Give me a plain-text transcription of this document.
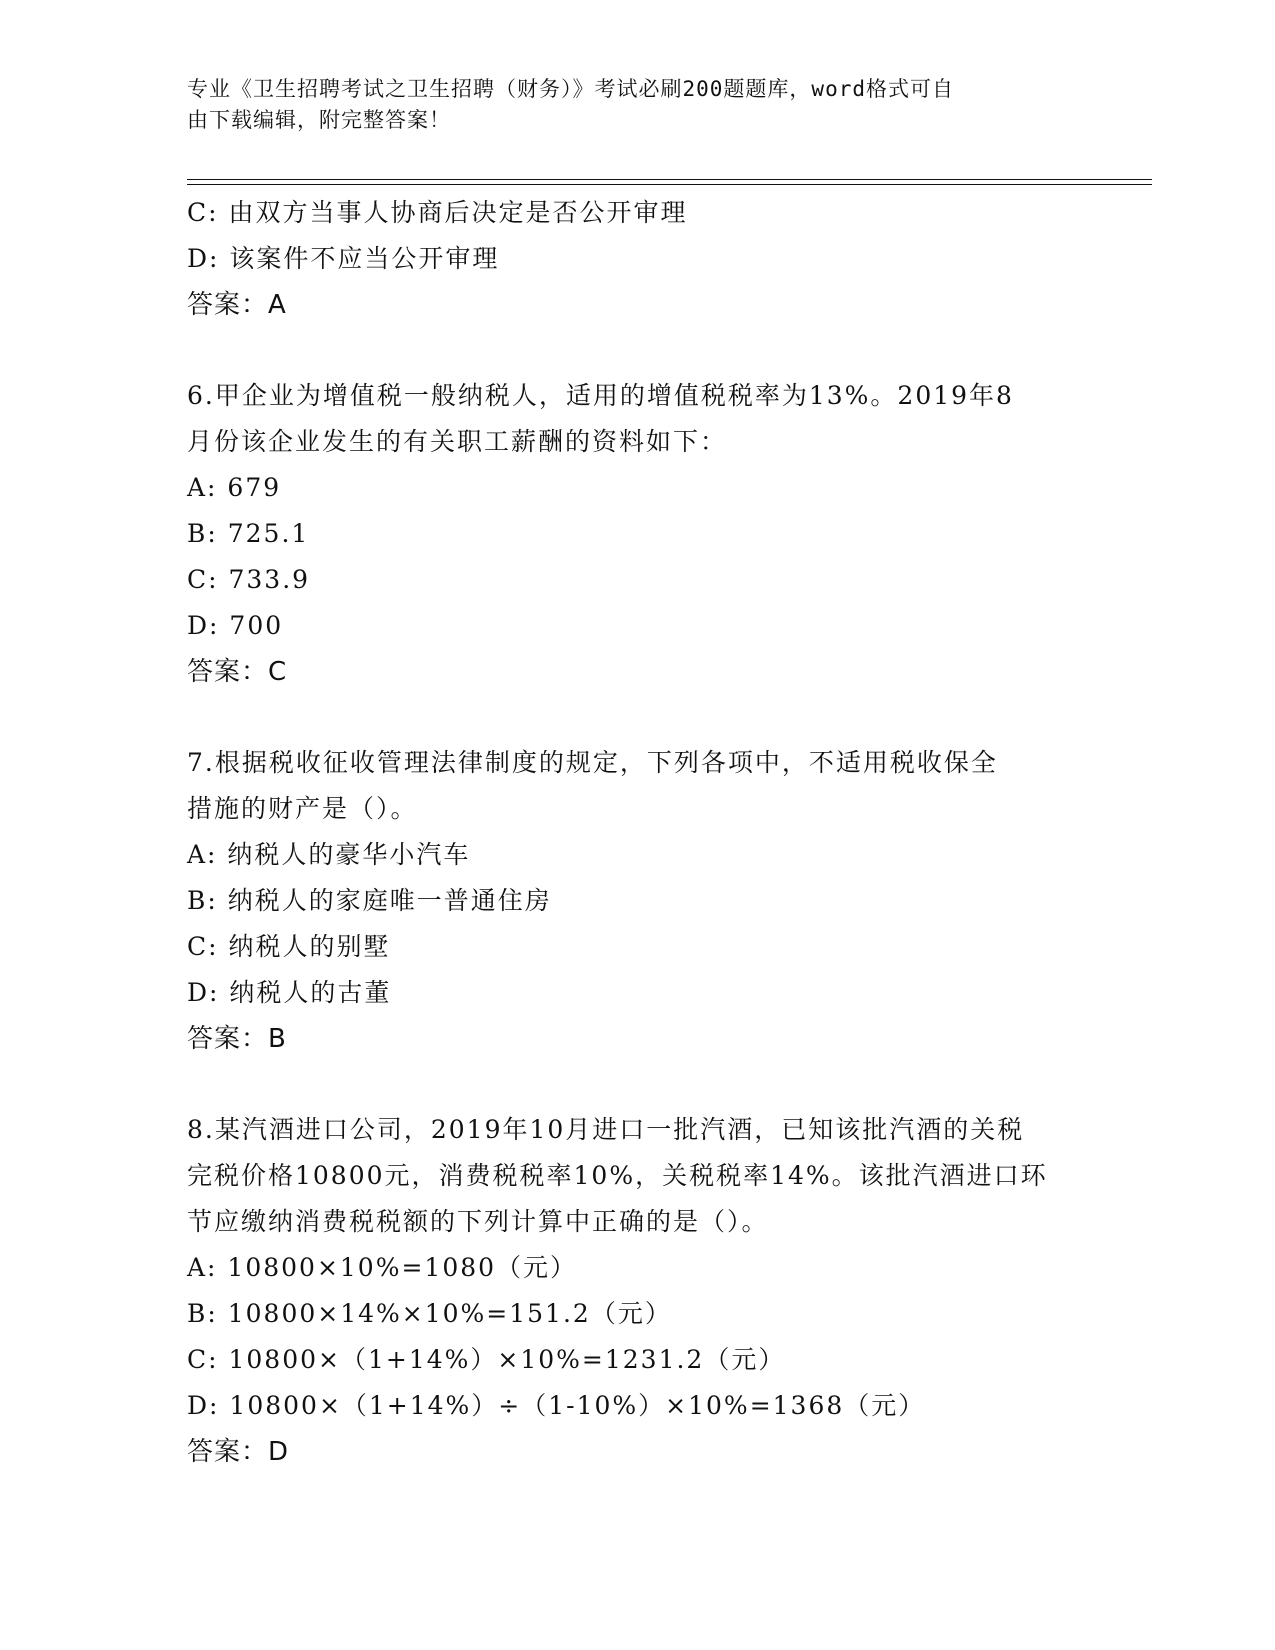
专业《卫生招聘考试之卫生招聘（财务）》考试必刷200题题库，word格式可自
由下载编辑，附完整答案！
C: 由双方当事人协商后决定是否公开审理
D: 该案件不应当公开审理
答案：A
6.甲企业为增值税一般纳税人，适用的增值税税率为13%。2019年8
月份该企业发生的有关职工薪酬的资料如下：
A: 679
B: 725.1
C: 733.9
D: 700
答案：C
7.根据税收征收管理法律制度的规定，下列各项中，不适用税收保全
措施的财产是（）。
A: 纳税人的豪华小汽车
B: 纳税人的家庭唯一普通住房
C: 纳税人的别墅
D: 纳税人的古董
答案：B
8.某汽酒进口公司，2019年10月进口一批汽酒，已知该批汽酒的关税
完税价格10800元，消费税税率10%，关税税率14%。该批汽酒进口环
节应缴纳消费税税额的下列计算中正确的是（）。
A: 10800×10%=1080（元）
B: 10800×14%×10%=151.2（元）
C: 10800×（1+14%）×10%=1231.2（元）
D: 10800×（1+14%）÷（1-10%）×10%=1368（元）
答案：D
